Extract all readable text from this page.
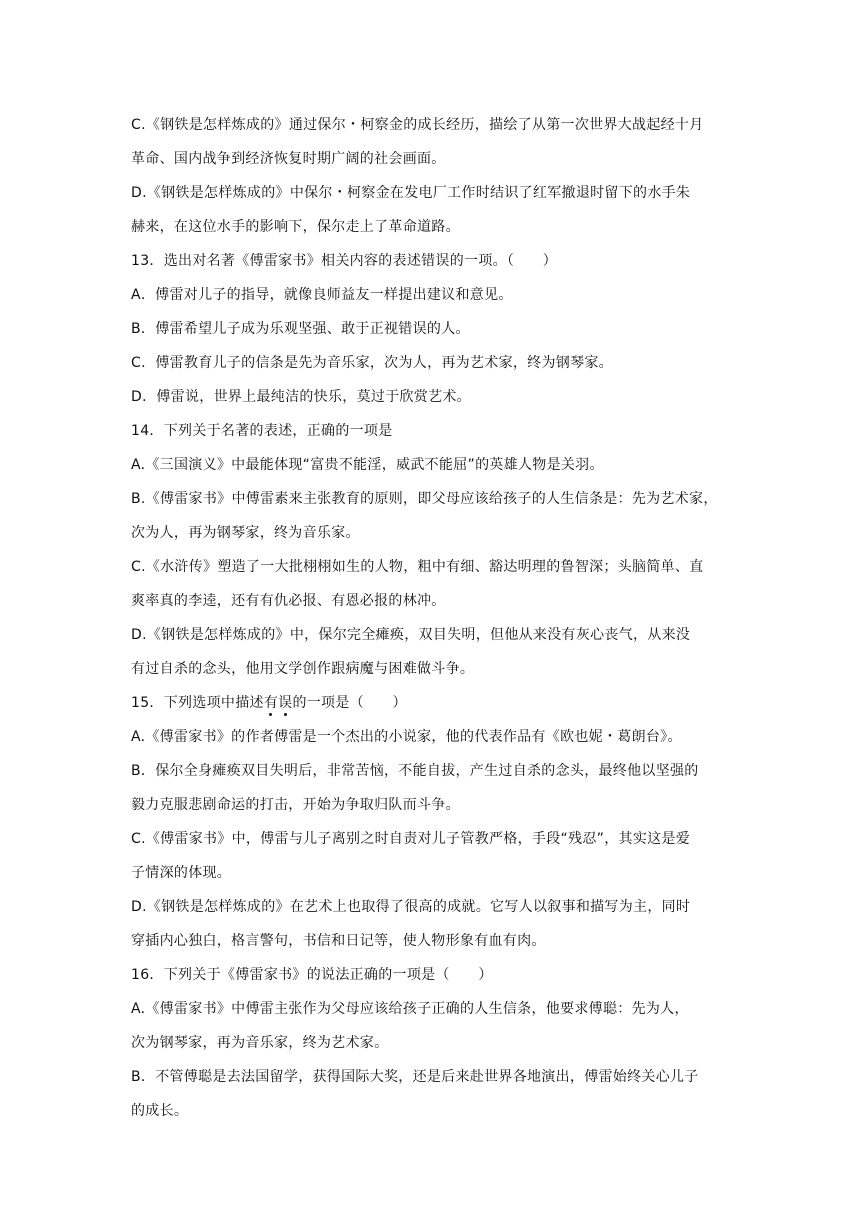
C.《钢铁是怎样炼成的》通过保尔・柯察金的成长经历，描绘了从第一次世界大战起经十月
革命、国内战争到经济恢复时期广阔的社会画面。
D.《钢铁是怎样炼成的》中保尔・柯察金在发电厂工作时结识了红军撤退时留下的水手朱
赫来，在这位水手的影响下，保尔走上了革命道路。
13．选出对名著《傅雷家书》相关内容的表述错误的一项。（　　）
A．傅雷对儿子的指导，就像良师益友一样提出建议和意见。
B．傅雷希望儿子成为乐观坚强、敢于正视错误的人。
C．傅雷教育儿子的信条是先为音乐家，次为人，再为艺术家，终为钢琴家。
D．傅雷说，世界上最纯洁的快乐，莫过于欣赏艺术。
14．下列关于名著的表述，正确的一项是
A.《三国演义》中最能体现“富贵不能淫，威武不能屈”的英雄人物是关羽。
B.《傅雷家书》中傅雷素来主张教育的原则，即父母应该给孩子的人生信条是：先为艺术家，
次为人，再为钢琴家，终为音乐家。
C.《水浒传》塑造了一大批栩栩如生的人物，粗中有细、豁达明理的鲁智深；头脑简单、直
爽率真的李逵，还有有仇必报、有恩必报的林冲。
D.《钢铁是怎样炼成的》中，保尔完全瘫痪，双目失明，但他从来没有灰心丧气，从来没
有过自杀的念头，他用文学创作跟病魔与困难做斗争。
15．下列选项中描述有误的一项是（　　）
A.《傅雷家书》的作者傅雷是一个杰出的小说家，他的代表作品有《欧也妮・葛朗台》。
B．保尔全身瘫痪双目失明后，非常苦恼，不能自拔，产生过自杀的念头，最终他以坚强的
毅力克服悲剧命运的打击，开始为争取归队而斗争。
C.《傅雷家书》中，傅雷与儿子离别之时自责对儿子管教严格，手段“残忍”，其实这是爱
子情深的体现。
D.《钢铁是怎样炼成的》在艺术上也取得了很高的成就。它写人以叙事和描写为主，同时
穿插内心独白，格言警句，书信和日记等，使人物形象有血有肉。
16．下列关于《傅雷家书》的说法正确的一项是（　　）
A.《傅雷家书》中傅雷主张作为父母应该给孩子正确的人生信条，他要求傅聪：先为人，
次为钢琴家，再为音乐家，终为艺术家。
B．不管傅聪是去法国留学，获得国际大奖，还是后来赴世界各地演出，傅雷始终关心儿子
的成长。
